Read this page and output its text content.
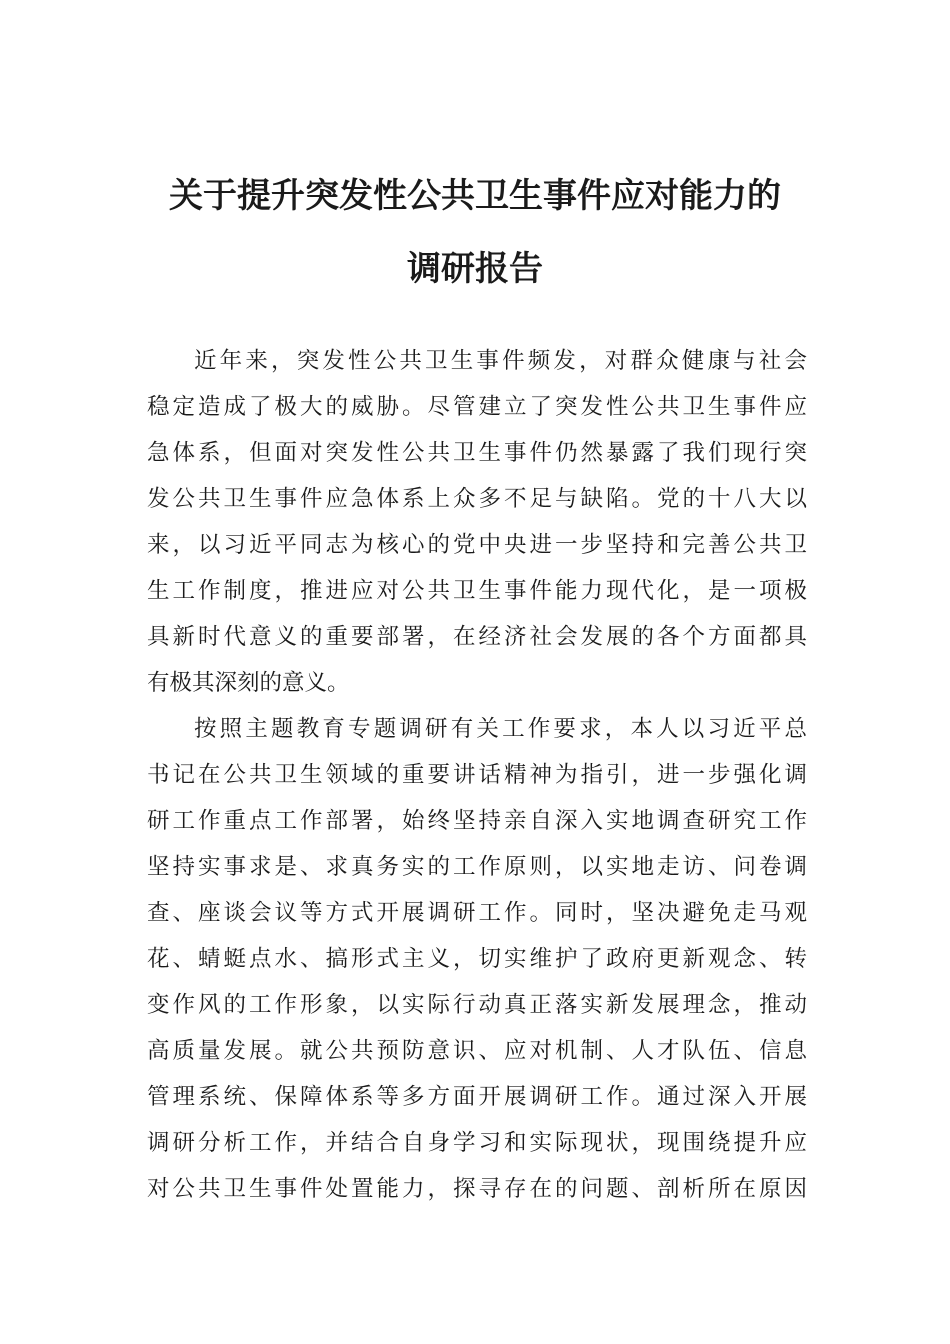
关于提升突发性公共卫生事件应对能力的
调研报告
近年来，突发性公共卫生事件频发，对群众健康与社会
稳定造成了极大的威胁。尽管建立了突发性公共卫生事件应
急体系，但面对突发性公共卫生事件仍然暴露了我们现行突
发公共卫生事件应急体系上众多不足与缺陷。党的十八大以
来，以习近平同志为核心的党中央进一步坚持和完善公共卫
生工作制度，推进应对公共卫生事件能力现代化，是一项极
具新时代意义的重要部署，在经济社会发展的各个方面都具
有极其深刻的意义。
按照主题教育专题调研有关工作要求，本人以习近平总
书记在公共卫生领域的重要讲话精神为指引，进一步强化调
研工作重点工作部署，始终坚持亲自深入实地调查研究工作
坚持实事求是、求真务实的工作原则，以实地走访、问卷调
查、座谈会议等方式开展调研工作。同时，坚决避免走马观
花、蜻蜓点水、搞形式主义，切实维护了政府更新观念、转
变作风的工作形象，以实际行动真正落实新发展理念，推动
高质量发展。就公共预防意识、应对机制、人才队伍、信息
管理系统、保障体系等多方面开展调研工作。通过深入开展
调研分析工作，并结合自身学习和实际现状，现围绕提升应
对公共卫生事件处置能力，探寻存在的问题、剖析所在原因
